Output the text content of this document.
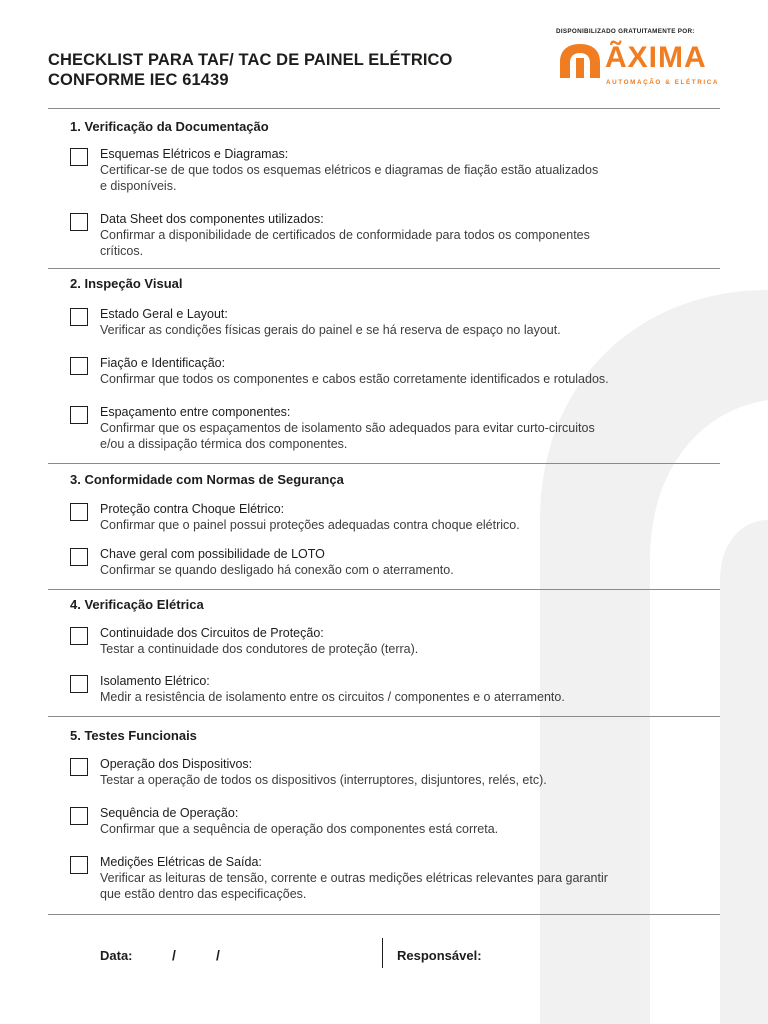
CHECKLIST PARA TAF/ TAC DE PAINEL ELÉTRICO
CONFORME IEC 61439
DISPONIBILIZADO GRATUITAMENTE POR:
ÃXIMA
AUTOMAÇÃO & ELÉTRICA
1. Verificação da Documentação
Esquemas Elétricos e Diagramas:
Certificar-se de que todos os esquemas elétricos e diagramas de fiação estão atualizados
e disponíveis.
Data Sheet dos componentes utilizados:
Confirmar a disponibilidade de certificados de conformidade para todos os componentes
críticos.
2. Inspeção Visual
Estado Geral e Layout:
Verificar as condições físicas gerais do painel e se há reserva de espaço no layout.
Fiação e Identificação:
Confirmar que todos os componentes e cabos estão corretamente identificados e rotulados.
Espaçamento entre componentes:
Confirmar que os espaçamentos de isolamento são adequados para evitar curto-circuitos
e/ou a dissipação térmica dos componentes.
3. Conformidade com Normas de Segurança
Proteção contra Choque Elétrico:
Confirmar que o painel possui proteções adequadas contra choque elétrico.
Chave geral com possibilidade de LOTO
Confirmar se quando desligado há conexão com o aterramento.
4. Verificação Elétrica
Continuidade dos Circuitos de Proteção:
Testar a continuidade dos condutores de proteção (terra).
Isolamento Elétrico:
Medir a resistência de isolamento entre os circuitos / componentes e o aterramento.
5. Testes Funcionais
Operação dos Dispositivos:
Testar a operação de todos os dispositivos (interruptores, disjuntores, relés, etc).
Sequência de Operação:
Confirmar que a sequência de operação dos componentes está correta.
Medições Elétricas de Saída:
Verificar as leituras de tensão, corrente e outras medições elétricas relevantes para garantir
que estão dentro das especificações.
Data:	/	/	Responsável:
